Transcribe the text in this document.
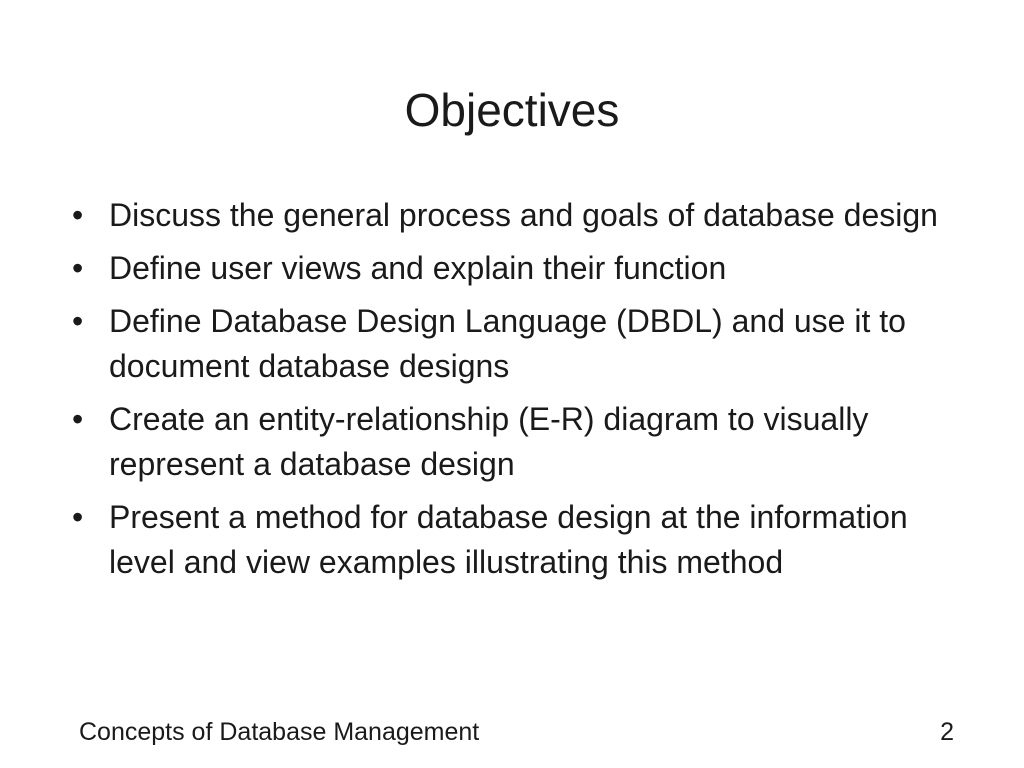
Objectives
• Discuss the general process and goals of database design
• Define user views and explain their function
• Define Database Design Language (DBDL) and use it to document database designs
• Create an entity-relationship (E-R) diagram to visually represent a database design
• Present a method for database design at the information level and view examples illustrating this method
Concepts of Database Management	2
